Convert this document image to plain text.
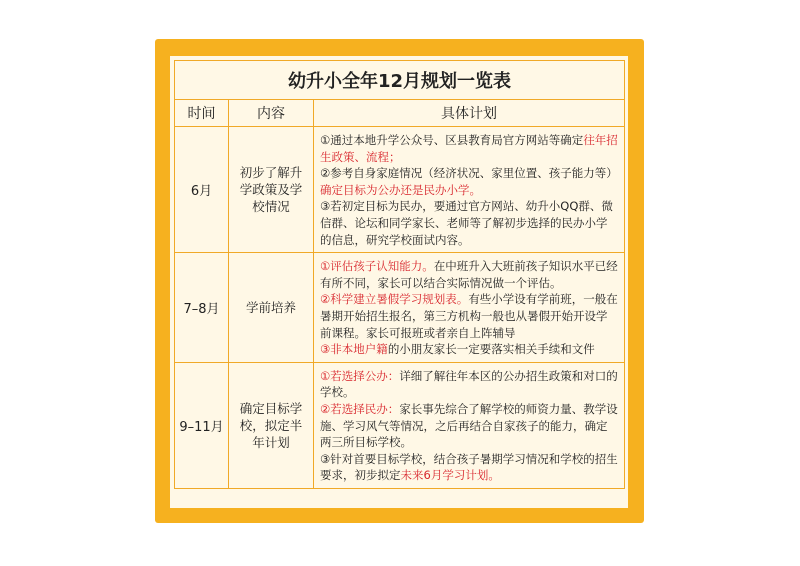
幼升小全年12月规划一览表		
时间	内容	具体计划
6月	初步了解升学政策及学校情况	①通过本地升学公众号、区县教育局官方网站等确定往年招生政策、流程；

②参考自身家庭情况（经济状况、家里位置、孩子能力等）确定目标为公办还是民办小学。

③若初定目标为民办，要通过官方网站、幼升小QQ群、微信群、论坛和同学家长、老师等了解初步选择的民办小学的信息，研究学校面试内容。

7–8月	学前培养	①评估孩子认知能力。在中班升入大班前孩子知识水平已经有所不同，家长可以结合实际情况做一个评估。

②科学建立暑假学习规划表。有些小学设有学前班，一般在暑期开始招生报名，第三方机构一般也从暑假开始开设学前课程。家长可报班或者亲自上阵辅导

③非本地户籍的小朋友家长一定要落实相关手续和文件

9–11月	确定目标学校，拟定半年计划	①若选择公办：详细了解往年本区的公办招生政策和对口的学校。

②若选择民办：家长事先综合了解学校的师资力量、教学设施、学习风气等情况，之后再结合自家孩子的能力，确定两三所目标学校。

③针对首要目标学校，结合孩子暑期学习情况和学校的招生要求，初步拟定未来6月学习计划。
